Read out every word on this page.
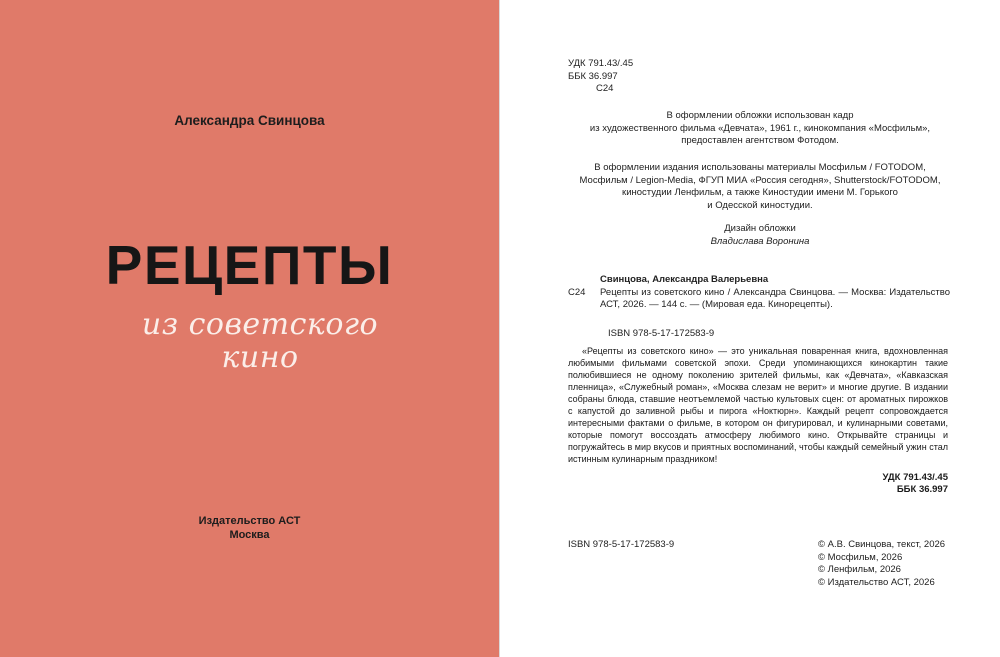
Александра Свинцова
РЕЦЕПТЫ
из советского кино
Издательство АСТ
Москва
УДК 791.43/.45
ББК 36.997
С24
В оформлении обложки использован кадр
из художественного фильма «Девчата», 1961 г., кинокомпания «Мосфильм»,
предоставлен агентством Фотодом.
В оформлении издания использованы материалы Мосфильм / FOTODOM,
Мосфильм / Legion-Media, ФГУП МИА «Россия сегодня», Shutterstock/FOTODOM,
киностудии Ленфильм, а также Киностудии имени М. Горького
и Одесской киностудии.
Дизайн обложки
Владислава Воронина
Свинцова, Александра Валерьевна
С24	Рецепты из советского кино / Александра Свинцова. — Москва: Издательство АСТ, 2026. — 144 с. — (Мировая еда. Кинорецепты).
ISBN 978-5-17-172583-9

«Рецепты из советского кино» — это уникальная поваренная книга, вдохновленная любимыми фильмами советской эпохи. Среди упоминающихся кинокартин такие полюбившиеся не одному поколению зрителей фильмы, как «Девчата», «Кавказская пленница», «Служебный роман», «Москва слезам не верит» и многие другие. В издании собраны блюда, ставшие неотъемлемой частью культовых сцен: от ароматных пирожков с капустой до заливной рыбы и пирога «Ноктюрн». Каждый рецепт сопровождается интересными фактами о фильме, в котором он фигурировал, и кулинарными советами, которые помогут воссоздать атмосферу любимого кино. Открывайте страницы и погружайтесь в мир вкусов и приятных воспоминаний, чтобы каждый семейный ужин стал истинным кулинарным праздником!

УДК 791.43/.45
ББК 36.997
ISBN 978-5-17-172583-9	© А.В. Свинцова, текст, 2026
© Мосфильм, 2026
© Ленфильм, 2026
© Издательство АСТ, 2026
